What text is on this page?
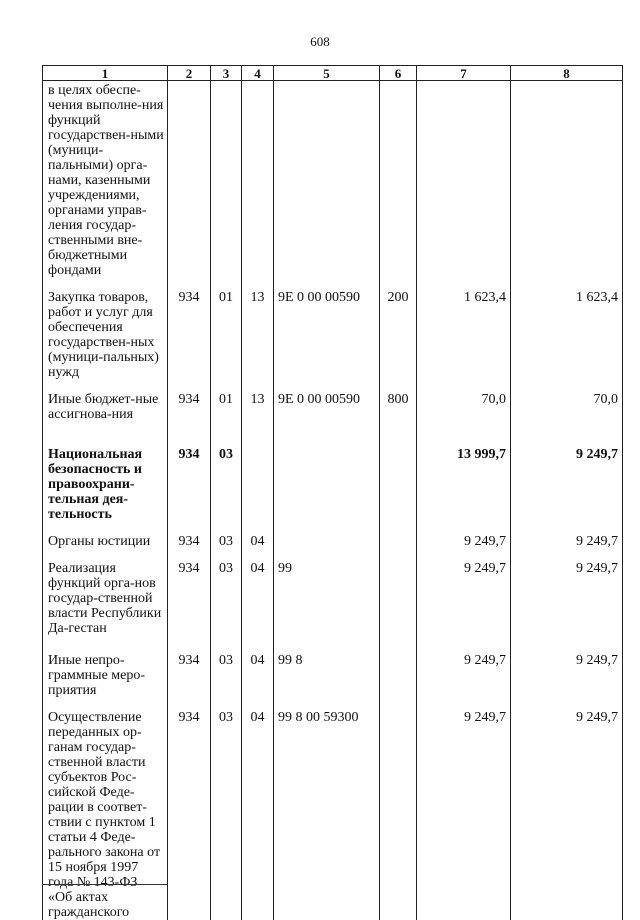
608
1	2	3	4	5	6	7	8
в целях обеспе-чения выполне-ния функций государствен-ными (муници-пальными) орга-нами, казенными учреждениями, органами управ-ления государ-ственными вне-бюджетными фондами							
Закупка товаров, работ и услуг для обеспечения государствен-ных (муници-пальных) нужд	934	01	13	9Е 0 00 00590	200	1 623,4	1 623,4
Иные бюджет-ные ассигнова-ния	934	01	13	9Е 0 00 00590	800	70,0	70,0
Национальная безопасность и правоохрани-тельная дея-тельность	934	03				13 999,7	9 249,7
Органы юстиции	934	03	04			9 249,7	9 249,7
Реализация функций орга-нов государ-ственной власти Республики Да-гестан	934	03	04	99		9 249,7	9 249,7
Иные непро-граммные меро-приятия	934	03	04	99 8		9 249,7	9 249,7
Осуществление переданных ор-ганам государ-ственной власти субъектов Рос-сийской Феде-рации в соответ-ствии с пунктом 1 статьи 4 Феде-рального закона от 15 ноября 1997 года № 143-ФЗ «Об актах гражданского	934	03	04	99 8 00 59300		9 249,7	9 249,7
